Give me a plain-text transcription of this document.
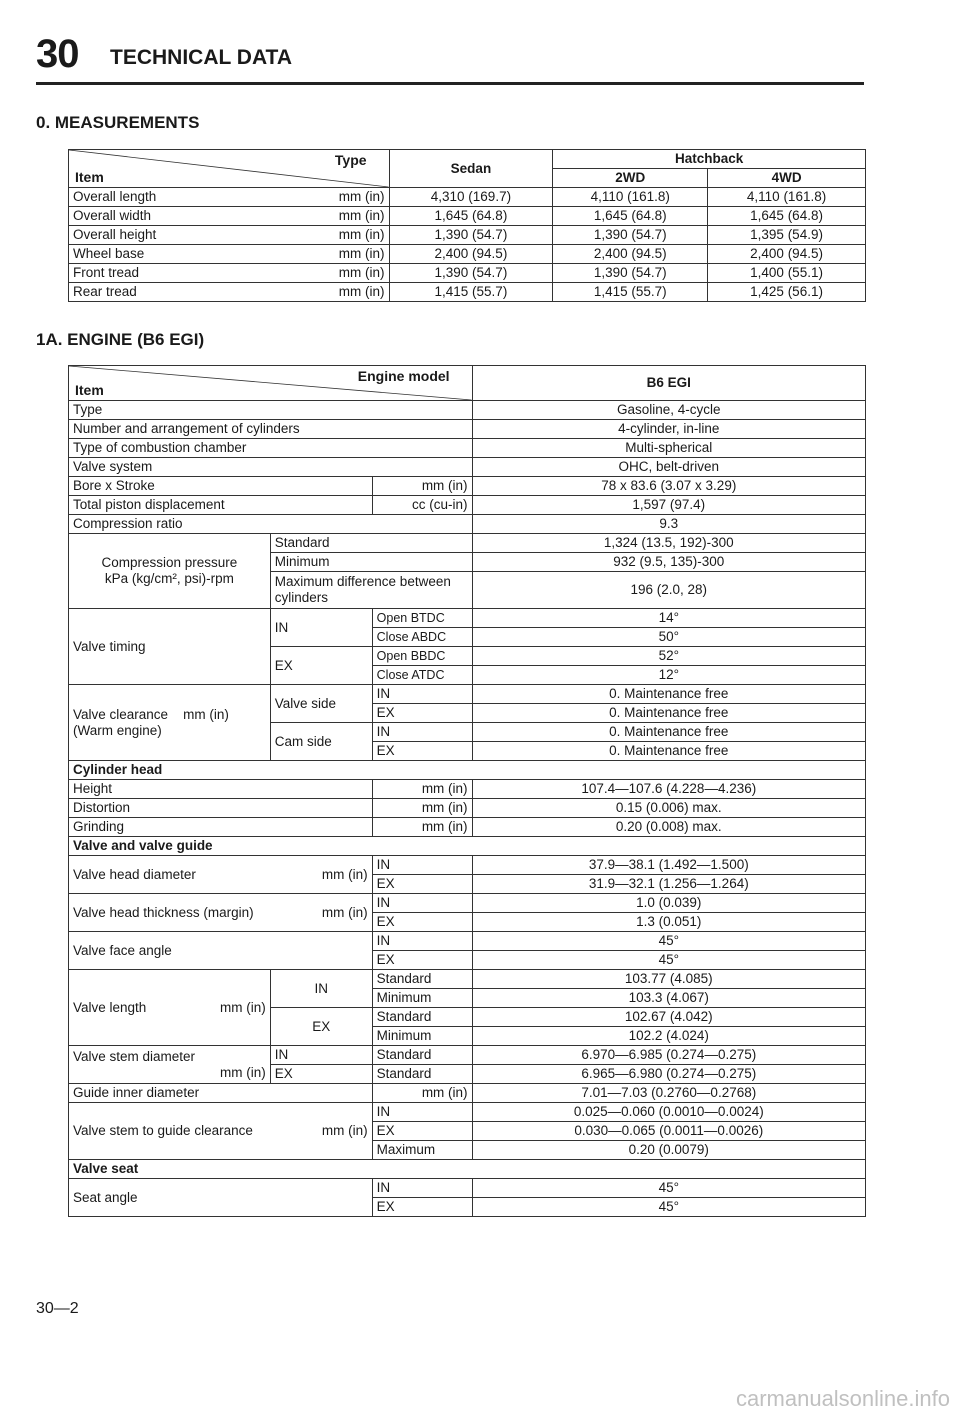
30 TECHNICAL DATA
0. MEASUREMENTS
Type
Item	Sedan	Hatchback	
		2WD	4WD
Overall length mm (in)	4,310 (169.7)	4,110 (161.8)	4,110 (161.8)
Overall width mm (in)	1,645 (64.8)	1,645 (64.8)	1,645 (64.8)
Overall height mm (in)	1,390 (54.7)	1,390 (54.7)	1,395 (54.9)
Wheel base mm (in)	2,400 (94.5)	2,400 (94.5)	2,400 (94.5)
Front tread mm (in)	1,390 (54.7)	1,390 (54.7)	1,400 (55.1)
Rear tread mm (in)	1,415 (55.7)	1,415 (55.7)	1,425 (56.1)
1A. ENGINE (B6 EGI)
Engine model
Item			B6 EGI
Type			Gasoline, 4-cycle
Number and arrangement of cylinders			4-cylinder, in-line
Type of combustion chamber			Multi-spherical
Valve system			OHC, belt-driven
Bore x Stroke		mm (in)	78 x 83.6 (3.07 x 3.29)
Total piston displacement		cc (cu-in)	1,597 (97.4)
Compression ratio			9.3

Compression pressure
kPa (kg/cm², psi)-rpm	Standard		1,324 (13.5, 192)-300
	Minimum		932 (9.5, 135)-300
	Maximum difference between cylinders		196 (2.0, 28)
Valve timing	IN	Open BTDC	14°
		Close ABDC	50°
	EX	Open BBDC	52°
		Close ATDC	12°

Valve clearance mm (in)
(Warm engine)	Valve side	IN	0. Maintenance free
		EX	0. Maintenance free
	Cam side	IN	0. Maintenance free
		EX	0. Maintenance free
Cylinder head			
Height		mm (in)	107.4—107.6 (4.228—4.236)
Distortion		mm (in)	0.15 (0.006) max.
Grinding		mm (in)	0.20 (0.008) max.
Valve and valve guide			
Valve head diameter mm (in)		IN	37.9—38.1 (1.492—1.500)
		EX	31.9—32.1 (1.256—1.264)
Valve head thickness (margin) mm (in)		IN	1.0 (0.039)
		EX	1.3 (0.051)
Valve face angle		IN	45°
		EX	45°
Valve length mm (in)	IN	Standard	103.77 (4.085)
		Minimum	103.3 (4.067)
	EX	Standard	102.67 (4.042)
		Minimum	102.2 (4.024)

Valve stem diameter
mm (in)	IN	Standard	6.970—6.985 (0.274—0.275)
	EX	Standard	6.965—6.980 (0.274—0.275)
Guide inner diameter		mm (in)	7.01—7.03 (0.2760—0.2768)
Valve stem to guide clearance mm (in)		IN	0.025—0.060 (0.0010—0.0024)
		EX	0.030—0.065 (0.0011—0.0026)
		Maximum	0.20 (0.0079)
Valve seat			
Seat angle		IN	45°
		EX	45°
30—2
carmanualsonline.info
